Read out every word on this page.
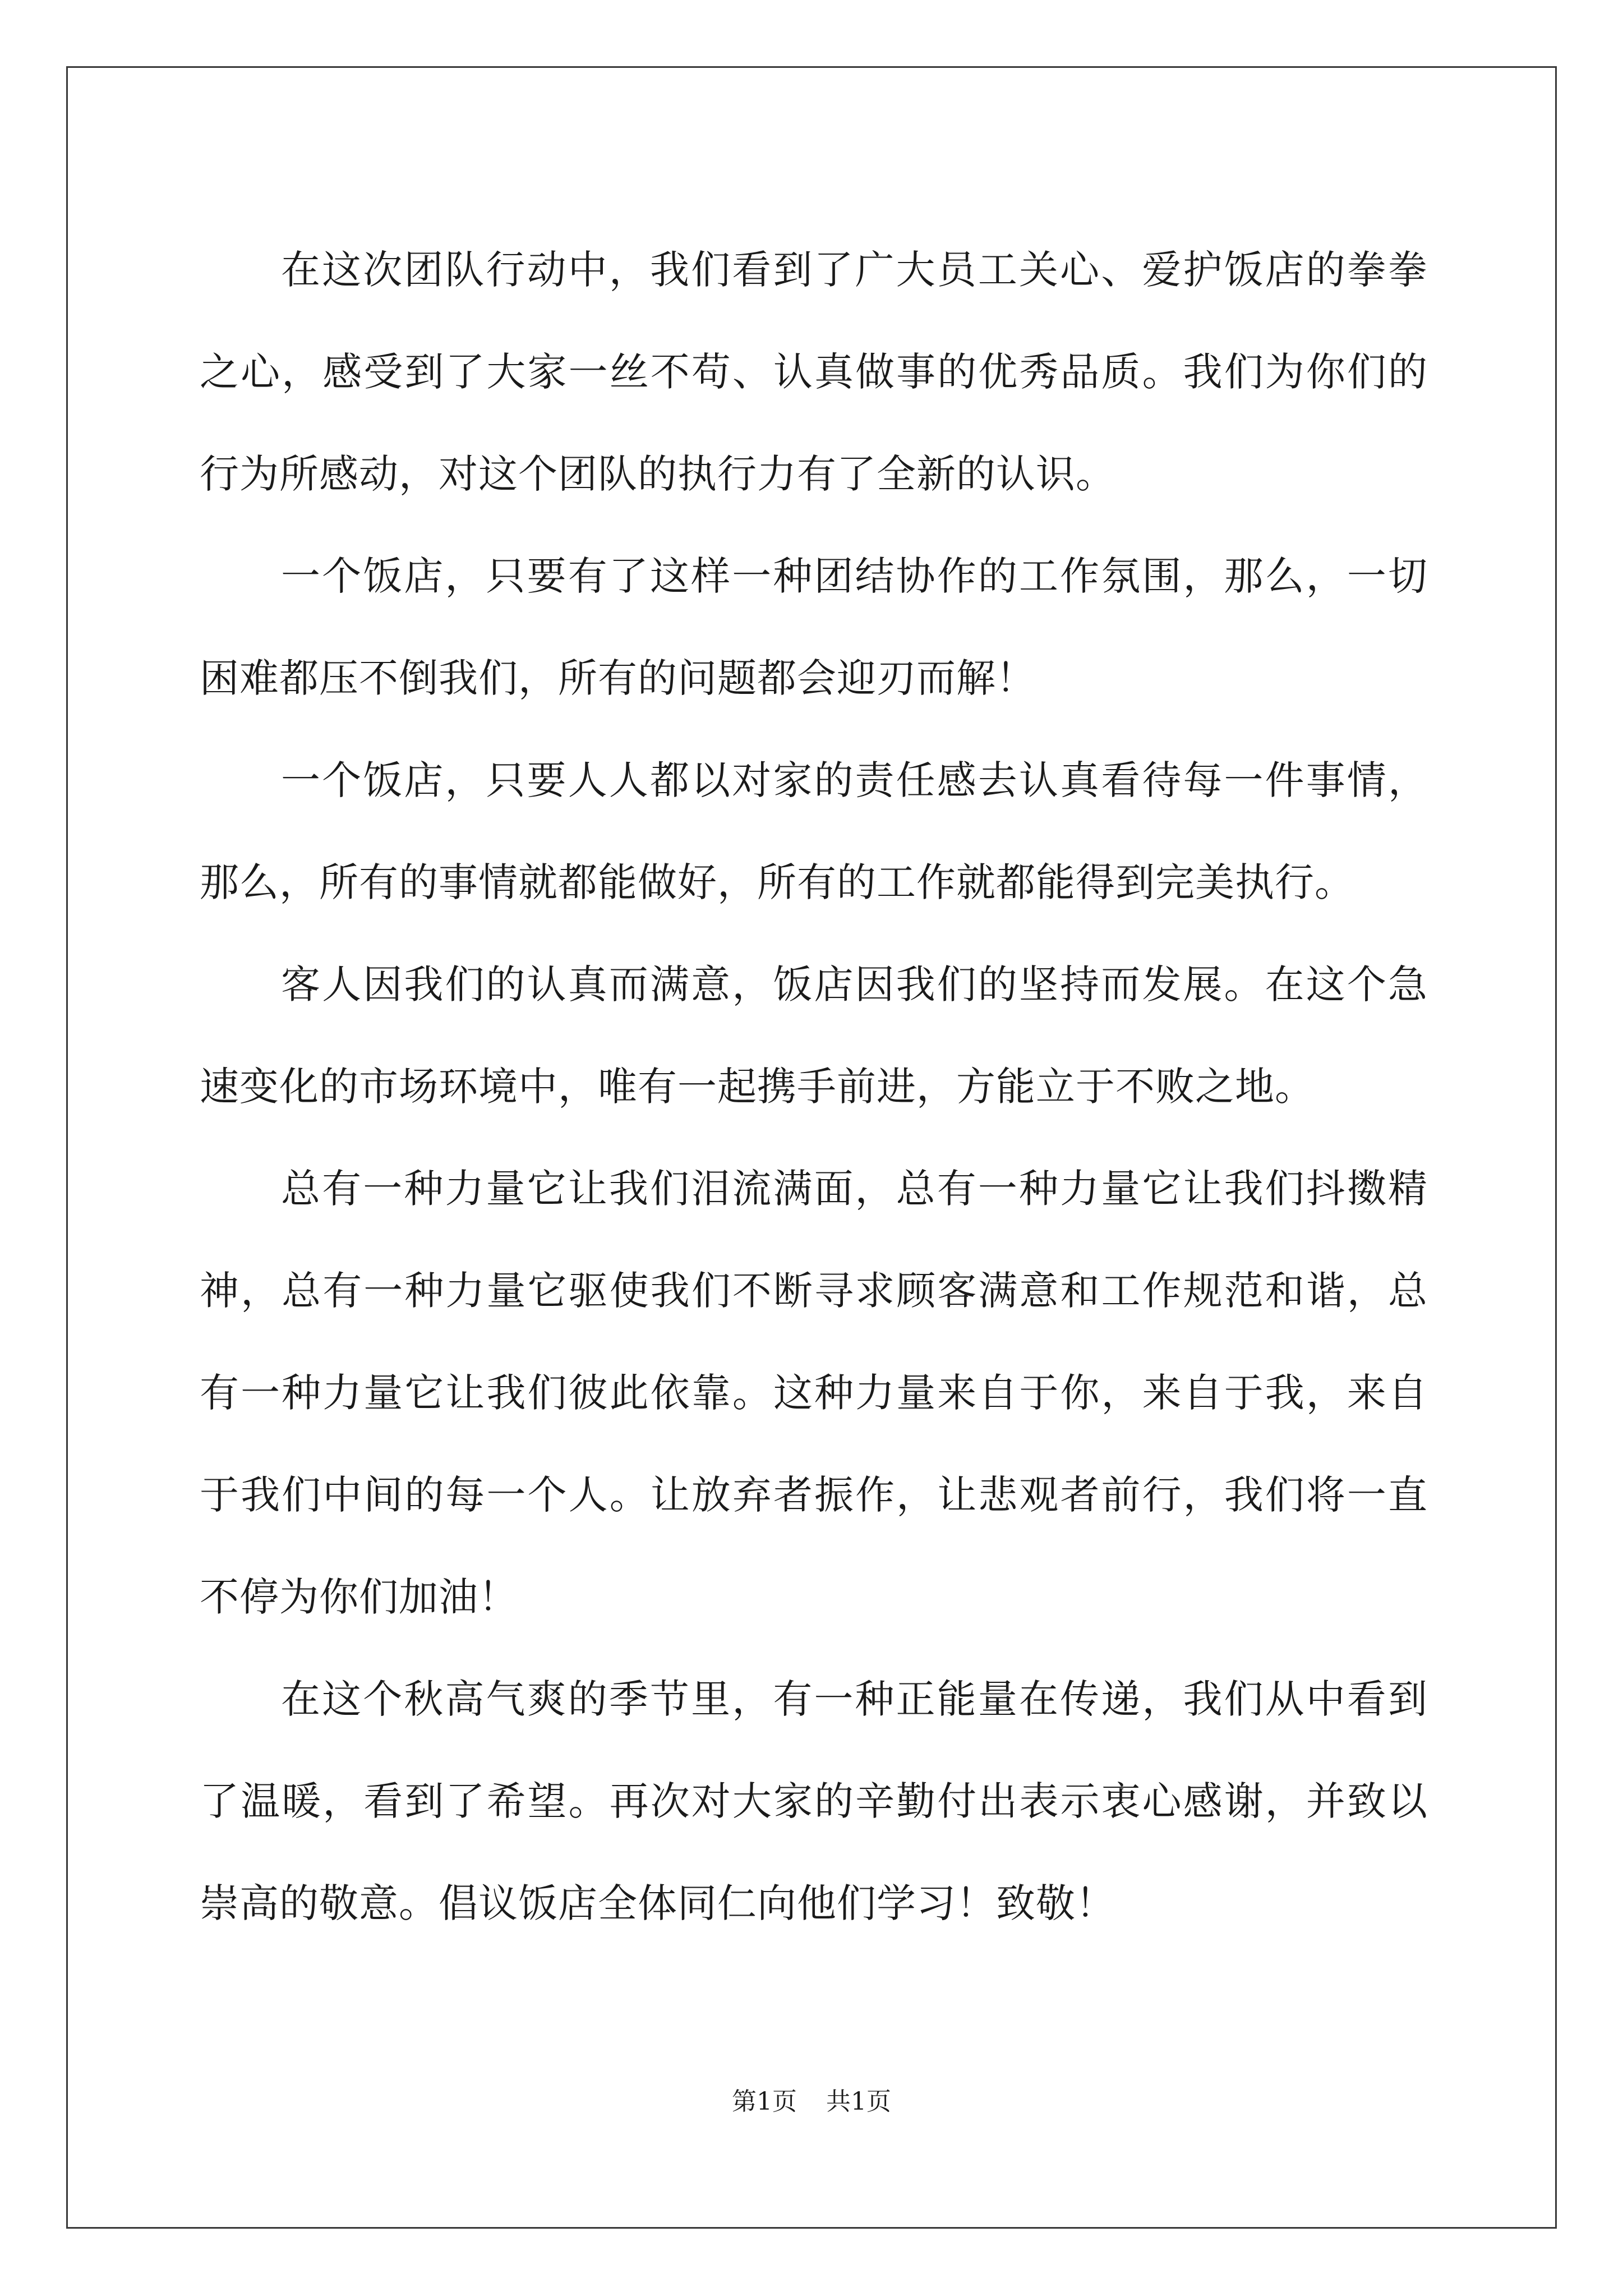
在这次团队行动中，我们看到了广大员工关心、爱护饭店的拳拳之心，感受到了大家一丝不苟、认真做事的优秀品质。我们为你们的行为所感动，对这个团队的执行力有了全新的认识。

一个饭店，只要有了这样一种团结协作的工作氛围，那么，一切困难都压不倒我们，所有的问题都会迎刃而解！

一个饭店，只要人人都以对家的责任感去认真看待每一件事情，那么，所有的事情就都能做好，所有的工作就都能得到完美执行。

客人因我们的认真而满意，饭店因我们的坚持而发展。在这个急速变化的市场环境中，唯有一起携手前进，方能立于不败之地。

总有一种力量它让我们泪流满面，总有一种力量它让我们抖擞精神，总有一种力量它驱使我们不断寻求顾客满意和工作规范和谐，总有一种力量它让我们彼此依靠。这种力量来自于你，来自于我，来自于我们中间的每一个人。让放弃者振作，让悲观者前行，我们将一直不停为你们加油！

在这个秋高气爽的季节里，有一种正能量在传递，我们从中看到了温暖，看到了希望。再次对大家的辛勤付出表示衷心感谢，并致以崇高的敬意。倡议饭店全体同仁向他们学习！致敬！

第1页 共1页
